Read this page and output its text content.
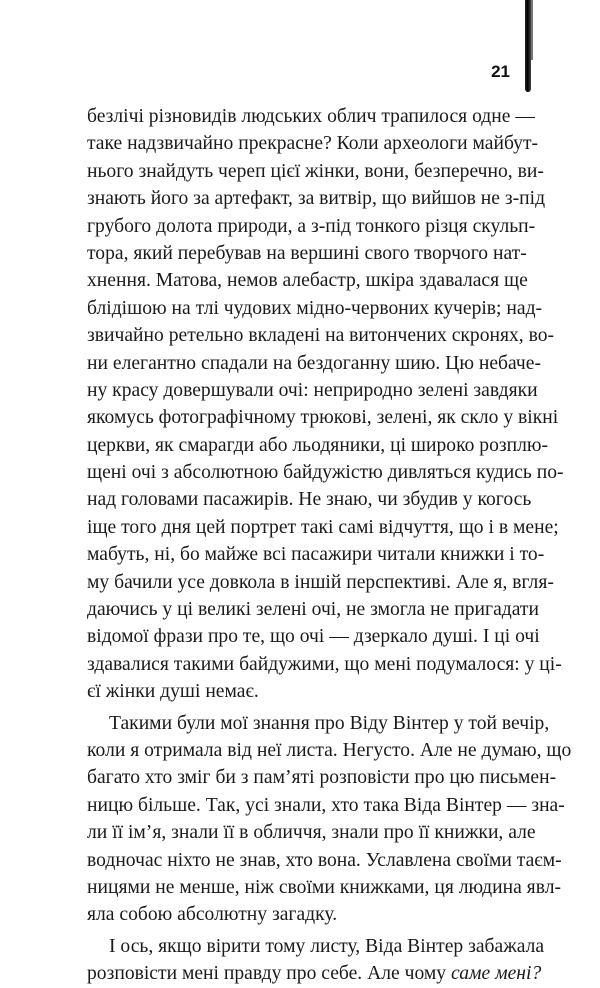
21
безлічі різновидів людських облич трапилося одне —
таке надзвичайно прекрасне? Коли археологи майбут-
нього знайдуть череп цієї жінки, вони, безперечно, ви-
знають його за артефакт, за витвір, що вийшов не з-під
грубого долота природи, а з-під тонкого різця скульп-
тора, який перебував на вершині свого творчого нат-
хнення. Матова, немов алебастр, шкіра здавалася ще
блідішою на тлі чудових мідно-червоних кучерів; над-
звичайно ретельно вкладені на витончених скронях, во-
ни елегантно спадали на бездоганну шию. Цю небаче-
ну красу довершували очі: неприродно зелені завдяки
якомусь фотографічному трюкові, зелені, як скло у вікні
церкви, як смарагди або льодяники, ці широко розплю-
щені очі з абсолютною байдужістю дивляться кудись по-
над головами пасажирів. Не знаю, чи збудив у когось
іще того дня цей портрет такі самі відчуття, що і в мене;
мабуть, ні, бо майже всі пасажири читали книжки і то-
му бачили усе довкола в іншій перспективі. Але я, вгля-
даючись у ці великі зелені очі, не змогла не пригадати
відомої фрази про те, що очі — дзеркало душі. І ці очі
здавалися такими байдужими, що мені подумалося: у ці-
єї жінки душі немає.
Такими були мої знання про Віду Вінтер у той вечір,
коли я отримала від неї листа. Негусто. Але не думаю, що
багато хто зміг би з пам’яті розповісти про цю письмен-
ницю більше. Так, усі знали, хто така Віда Вінтер — зна-
ли її ім’я, знали її в обличчя, знали про її книжки, але
водночас ніхто не знав, хто вона. Уславлена своїми таєм-
ницями не менше, ніж своїми книжками, ця людина явл-
яла собою абсолютну загадку.
І ось, якщо вірити тому листу, Віда Вінтер забажала
розповісти мені правду про себе. Але чому саме мені?
